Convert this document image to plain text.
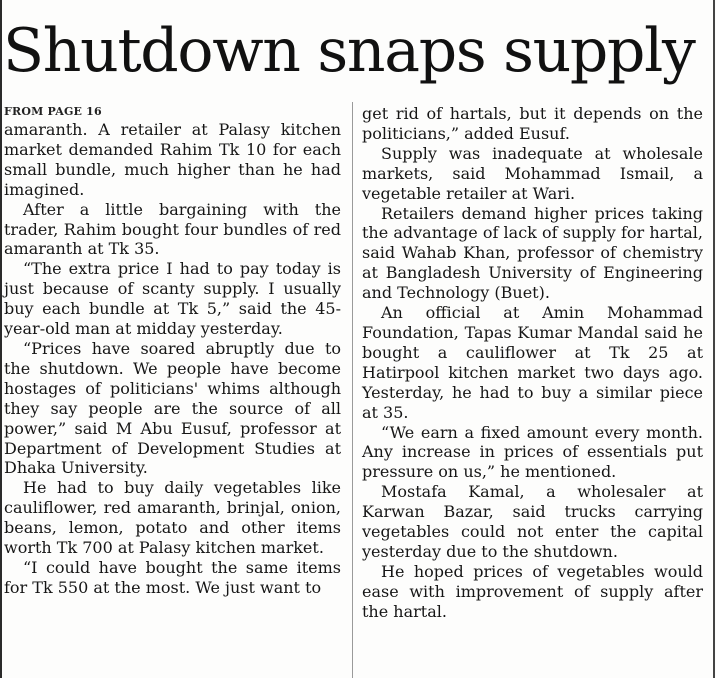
Shutdown snaps supply
FROM PAGE 16

amaranth. A retailer at Palasy kitchen market demanded Rahim Tk 10 for each small bundle, much higher than he had imagined.

After a little bargaining with the trader, Rahim bought four bundles of red amaranth at Tk 35.

“The extra price I had to pay today is just because of scanty supply. I usually buy each bundle at Tk 5,” said the 45-year-old man at midday yesterday.

“Prices have soared abruptly due to the shutdown. We people have become hostages of politicians' whims although they say people are the source of all power,” said M Abu Eusuf, professor at Department of Development Studies at Dhaka University.

He had to buy daily vegetables like cauliflower, red amaranth, brinjal, onion, beans, lemon, potato and other items worth Tk 700 at Palasy kitchen market.

“I could have bought the same items for Tk 550 at the most. We just want to

get rid of hartals, but it depends on the politicians,” added Eusuf.

Supply was inadequate at wholesale markets, said Mohammad Ismail, a vegetable retailer at Wari.

Retailers demand higher prices taking the advantage of lack of supply for hartal, said Wahab Khan, professor of chemistry at Bangladesh University of Engineering and Technology (Buet).

An official at Amin Mohammad Foundation, Tapas Kumar Mandal said he bought a cauliflower at Tk 25 at Hatirpool kitchen market two days ago. Yesterday, he had to buy a similar piece at 35.

“We earn a fixed amount every month. Any increase in prices of essentials put pressure on us,” he mentioned.

Mostafa Kamal, a wholesaler at Karwan Bazar, said trucks carrying vegetables could not enter the capital yesterday due to the shutdown.

He hoped prices of vegetables would ease with improvement of supply after the hartal.
